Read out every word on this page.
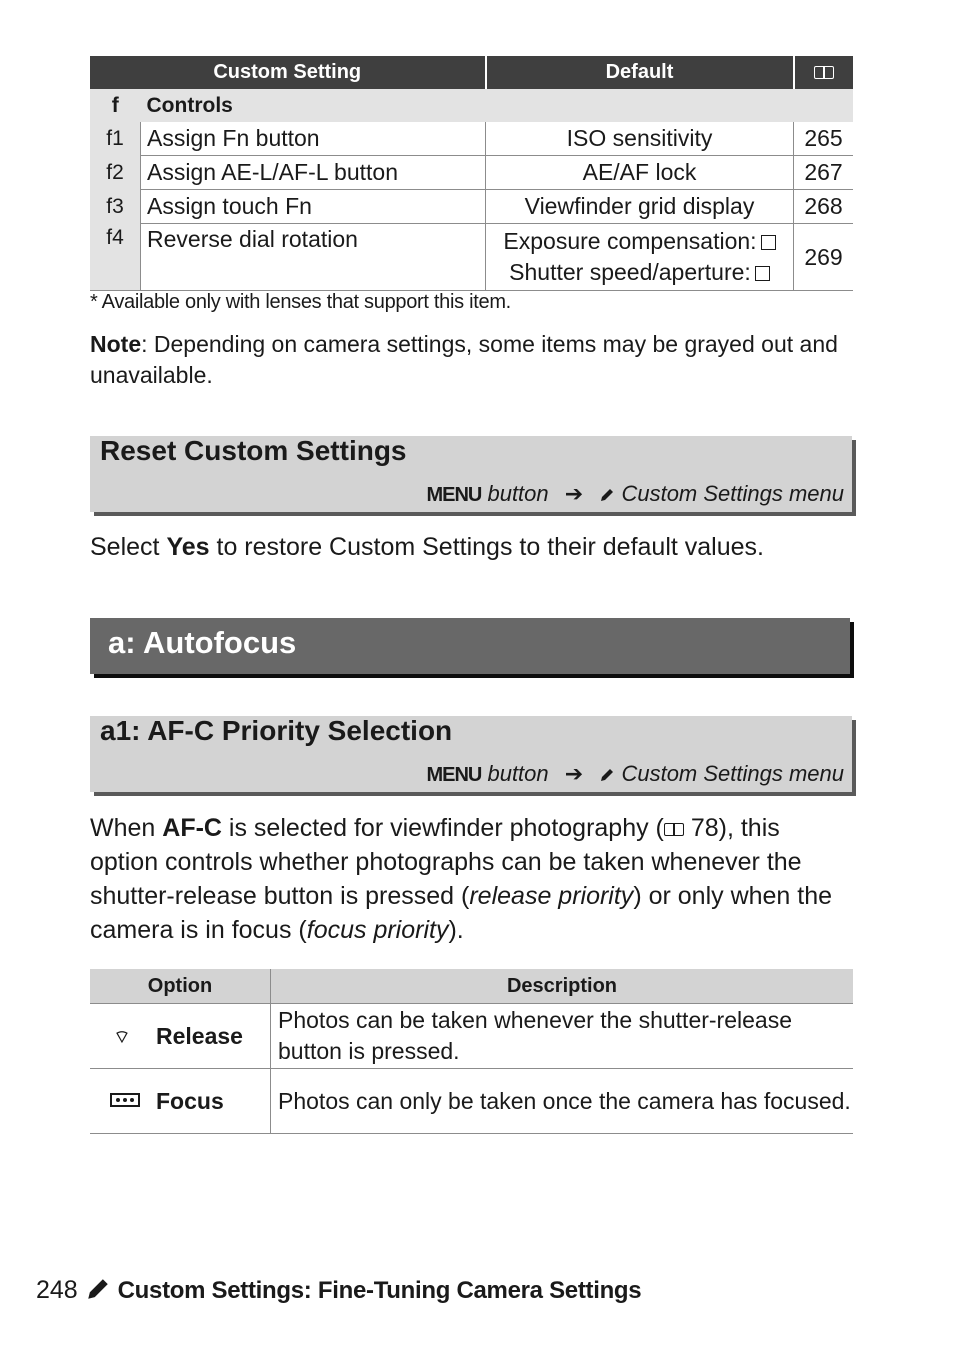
Custom Setting		Default	
f	Controls		
f1	Assign Fn button	ISO sensitivity	265
f2	Assign AE-L/AF-L button	AE/AF lock	267
f3	Assign touch Fn	Viewfinder grid display	268
f4	Reverse dial rotation	Exposure compensation:
Shutter speed/aperture:	269
* Available only with lenses that support this item.
Note: Depending on camera settings, some items may be grayed out and unavailable.
Reset Custom Settings
MENU button ➔ Custom Settings menu
Select Yes to restore Custom Settings to their default values.
a: Autofocus
a1: AF-C Priority Selection
MENU button ➔ Custom Settings menu
When AF-C is selected for viewfinder photography ( 78), this option controls whether photographs can be taken whenever the shutter-release button is pressed (release priority) or only when the camera is in focus (focus priority).
Option	Description
⌔ Release	Photos can be taken whenever the shutter-release button is pressed.
Focus	Photos can only be taken once the camera has focused.
248 Custom Settings: Fine-Tuning Camera Settings
